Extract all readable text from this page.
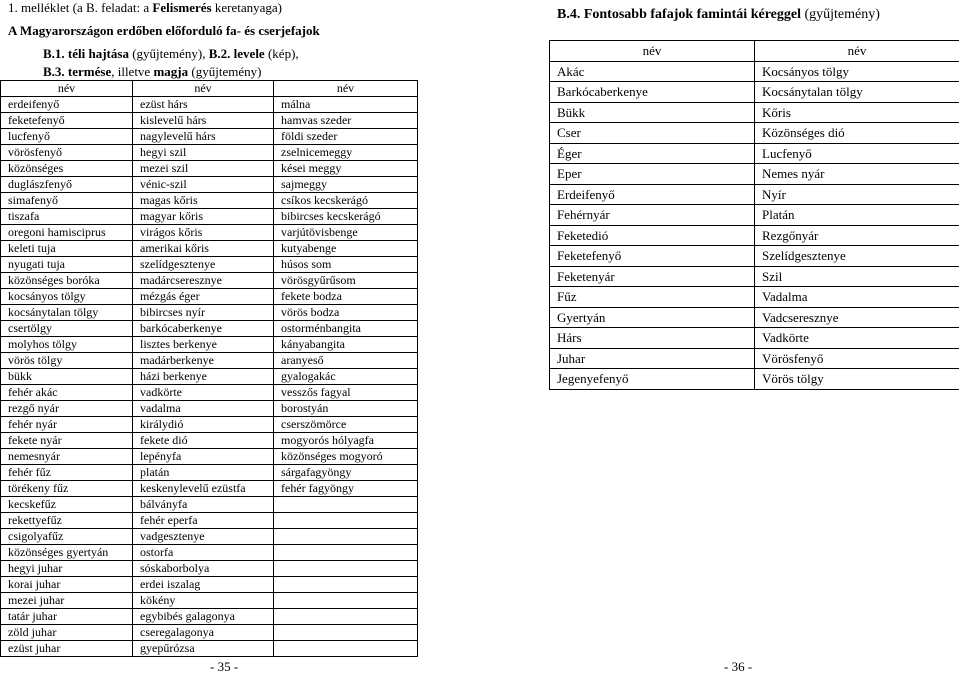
1. melléklet (a B. feladat: a Felismerés keretanyaga)
A Magyarországon erdőben előforduló fa- és cserjefajok
B.1. téli hajtása (gyűjtemény), B.2. levele (kép),
B.3. termése, illetve magja (gyűjtemény)
név	név	név
erdeifenyő	ezüst hárs	málna
feketefenyő	kislevelű hárs	hamvas szeder
lucfenyő	nagylevelű hárs	földi szeder
vörösfenyő	hegyi szil	zselnicemeggy
közönséges	mezei szil	kései meggy
duglászfenyő	vénic-szil	sajmeggy
simafenyő	magas kőris	csíkos kecskerágó
tiszafa	magyar kőris	bibircses kecskerágó
oregoni hamisciprus	virágos kőris	varjútövisbenge
keleti tuja	amerikai kőris	kutyabenge
nyugati tuja	szelídgesztenye	húsos som
közönséges boróka	madárcseresznye	vörösgyűrűsom
kocsányos tölgy	mézgás éger	fekete bodza
kocsánytalan tölgy	bibircses nyír	vörös bodza
csertölgy	barkócaberkenye	ostorménbangita
molyhos tölgy	lisztes berkenye	kányabangita
vörös tölgy	madárberkenye	aranyeső
bükk	házi berkenye	gyalogakác
fehér akác	vadkörte	vesszős fagyal
rezgő nyár	vadalma	borostyán
fehér nyár	királydió	cserszömörce
fekete nyár	fekete dió	mogyorós hólyagfa
nemesnyár	lepényfa	közönséges mogyoró
fehér fűz	platán	sárgafagyöngy
törékeny fűz	keskenylevelű ezüstfa	fehér fagyöngy
kecskefűz	bálványfa	
rekettyefűz	fehér eperfa	
csigolyafűz	vadgesztenye	
közönséges gyertyán	ostorfa	
hegyi juhar	sóskaborbolya	
korai juhar	erdei iszalag	
mezei juhar	kökény	
tatár juhar	egybibés galagonya	
zöld juhar	cseregalagonya	
ezüst juhar	gyepűrózsa	
- 35 -
B.4. Fontosabb fafajok famintái kéreggel (gyűjtemény)
név	név
Akác	Kocsányos tölgy
Barkócaberkenye	Kocsánytalan tölgy
Bükk	Kőris
Cser	Közönséges dió
Éger	Lucfenyő
Eper	Nemes nyár
Erdeifenyő	Nyír
Fehérnyár	Platán
Feketedió	Rezgőnyár
Feketefenyő	Szelídgesztenye
Feketenyár	Szil
Fűz	Vadalma
Gyertyán	Vadcseresznye
Hárs	Vadkörte
Juhar	Vörösfenyő
Jegenyefenyő	Vörös tölgy
- 36 -
